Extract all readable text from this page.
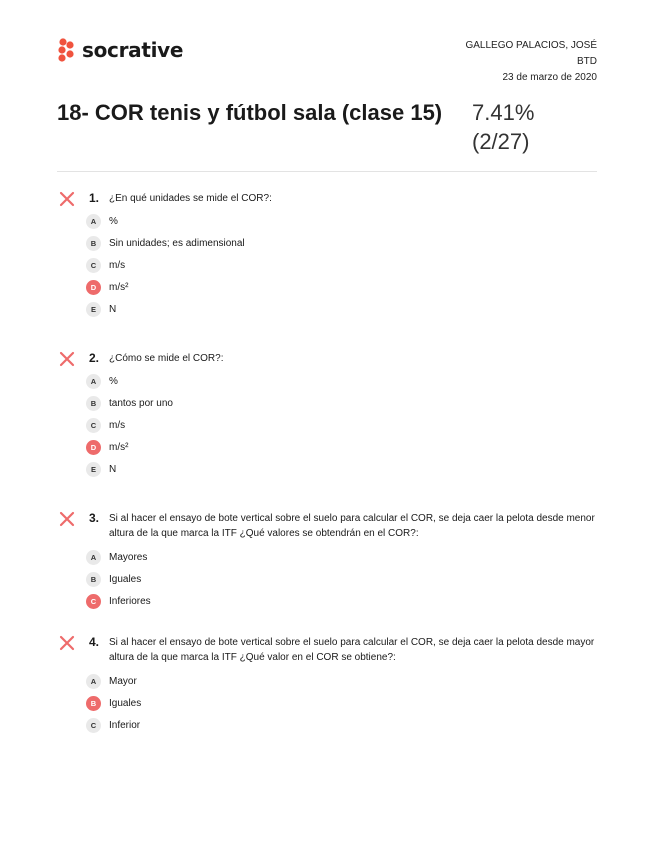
socrative	GALLEGO PALACIOS, JOSÉ
BTD
23 de marzo de 2020
18- COR tenis y fútbol sala (clase 15)	7.41%
(2/27)
1. ¿En qué unidades se mide el COR?:
A	%
B	Sin unidades; es adimensional
C	m/s
D	m/s²
E	N
2. ¿Cómo se mide el COR?:
A	%
B	tantos por uno
C	m/s
D	m/s²
E	N
3. Si al hacer el ensayo de bote vertical sobre el suelo para calcular el COR, se deja caer la pelota desde menor altura de la que marca la ITF ¿Qué valores se obtendrán en el COR?:
A	Mayores
B	Iguales
C	Inferiores
4. Si al hacer el ensayo de bote vertical sobre el suelo para calcular el COR, se deja caer la pelota desde mayor altura de la que marca la ITF ¿Qué valor en el COR se obtiene?:
A	Mayor
B	Iguales
C	Inferior
